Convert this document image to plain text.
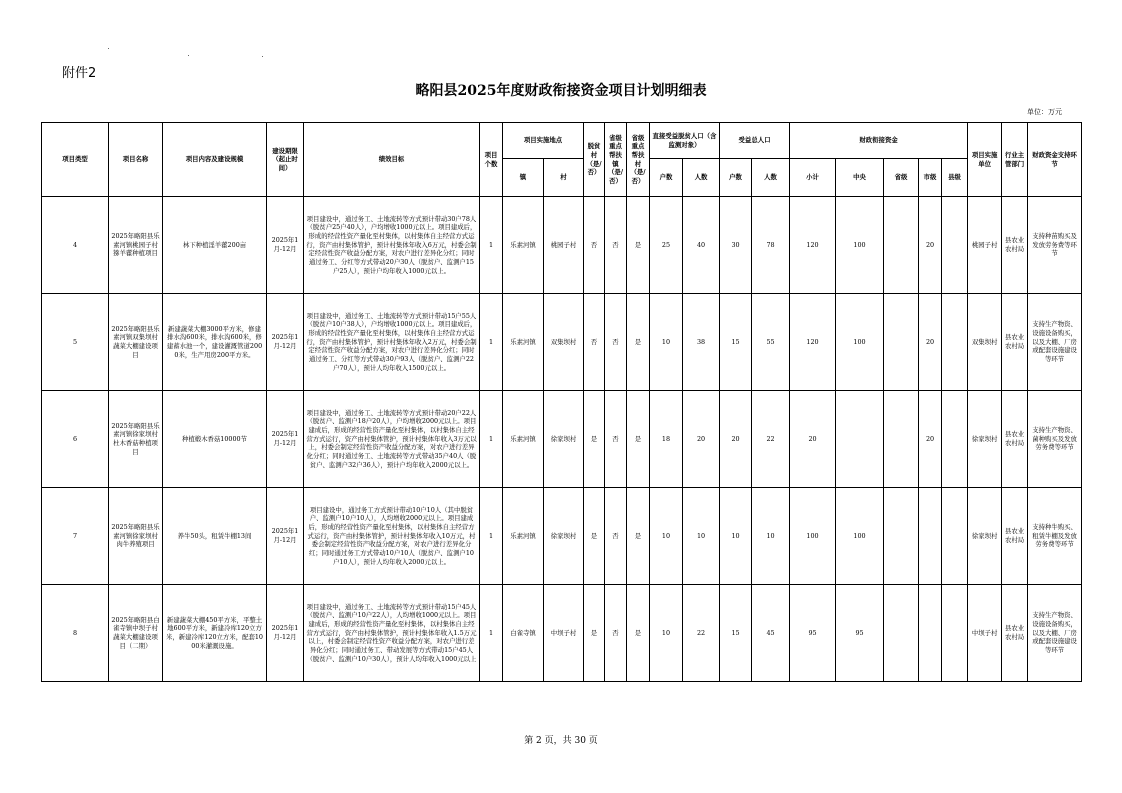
附件2
略阳县2025年度财政衔接资金项目计划明细表
单位：万元
项目类型	项目名称	项目内容及建设规模	建设期限（起止时间）	绩效目标	项目个数	项目实施地点		脱贫村（是/否）	省级重点帮扶镇（是/否）	省级重点帮扶村（是/否）	直接受益脱贫人口（含监测对象）		受益总人口		财政衔接资金					项目实施单位	行业主管部门	财政资金支持环节
						镇	村				户数	人数	户数	人数	小计	中央	省级	市级	县级			
4	2025年略阳县乐素河镇桃园子村猕羊藿种植项目	林下种植淫羊藿200亩	2025年1月-12月	项目建设中，通过务工、土地流转等方式预计带动30户78人（脱贫户25户40人），户均增收1000元以上。项目建成后，形成的经营性资产量化至村集体，以村集体自主经营方式运行，资产由村集体管护，预计村集体年收入6万元，村委会制定经营性资产收益分配方案，对农户进行差异化分红；同时通过务工、分红等方式带动20户30人（脱贫户、监测户15户25人），预计户均年收入1000元以上。	1	乐素河镇	桃园子村	否	否	是	25	40	30	78	120	100		20		桃园子村	县农业农村局	支持种苗购买及发放劳务费等环节
5	2025年略阳县乐素河镇双集坝村蔬菜大棚建设项目	新建蔬菜大棚3000平方米，修建排水沟600米，排水沟600米，修建蓄水池一个，建设灌溉管道2000米，生产用房200平方米。	2025年1月-12月	项目建设中，通过务工、土地流转等方式预计带动15户55人（脱贫户10户38人），户均增收1000元以上。项目建成后，形成的经营性资产量化至村集体，以村集体自主经营方式运行，资产由村集体管护，预计村集体年收入2万元，村委会制定经营性资产收益分配方案，对农户进行差异化分红；同时通过务工、分红等方式带动30户93人（脱贫户、监测户22户70人），预计人均年收入1500元以上。	1	乐素河镇	双集坝村	否	否	是	10	38	15	55	120	100		20		双集坝村	县农业农村局	支持生产物资、设施设备购买，以及大棚、厂房或配套设施建设等环节
6	2025年略阳县乐素河镇徐家坝村杜木香菇种植项目	种植椴木香菇10000节	2025年1月-12月	项目建设中，通过务工、土地流转等方式预计带动20户22人（脱贫户、监测户18户20人），户均增收2000元以上。项目建成后，形成的经营性资产量化至村集体，以村集体自主经营方式运行，资产由村集体管护，预计村集体年收入3万元以上，村委会制定经营性资产收益分配方案，对农户进行差异化分红；同时通过务工、土地流转等方式带动35户40人（脱贫户、监测户32户36人），预计户均年收入2000元以上。	1	乐素河镇	徐家坝村	是	否	是	18	20	20	22	20			20		徐家坝村	县农业农村局	支持生产物资、菌种购买及发放劳务费等环节
7	2025年略阳县乐素河镇徐家坝村肉牛养殖项目	养牛50头，租赁牛棚13间	2025年1月-12月	项目建设中，通过务工方式预计带动10户10人（其中脱贫户、监测户10户10人），人均增收2000元以上。项目建成后，形成的经营性资产量化至村集体，以村集体自主经营方式运行，资产由村集体管护，预计村集体年收入10万元，村委会制定经营性资产收益分配方案，对农户进行差异化分红；同时通过务工方式带动10户10人（脱贫户、监测户10户10人），预计人均年收入2000元以上。	1	乐素河镇	徐家坝村	是	否	是	10	10	10	10	100	100				徐家坝村	县农业农村局	支持种牛购买、租赁牛棚及发放劳务费等环节
8	2025年略阳县白雀寺镇中坝子村蔬菜大棚建设项目（二期）	新建蔬菜大棚450平方米，平整土地600平方米，新建冷库120立方米，新建冷库120立方米，配套1000米灌溉设施。	2025年1月-12月	项目建设中，通过务工、土地流转等方式预计带动15户45人（脱贫户、监测户10户22人），人均增收1000元以上。项目建成后，形成的经营性资产量化至村集体，以村集体自主经营方式运行，资产由村集体管护，预计村集体年收入1.5万元以上，村委会制定经营性资产收益分配方案，对农户进行差异化分红；同时通过务工、带动发展等方式带动15户45人（脱贫户、监测户10户30人），预计人均年收入1000元以上	1	白雀寺镇	中坝子村	是	否	是	10	22	15	45	95	95				中坝子村	县农业农村局	支持生产物资、设施设备购买，以及大棚、厂房或配套设施建设等环节
第 2 页，共 30 页
